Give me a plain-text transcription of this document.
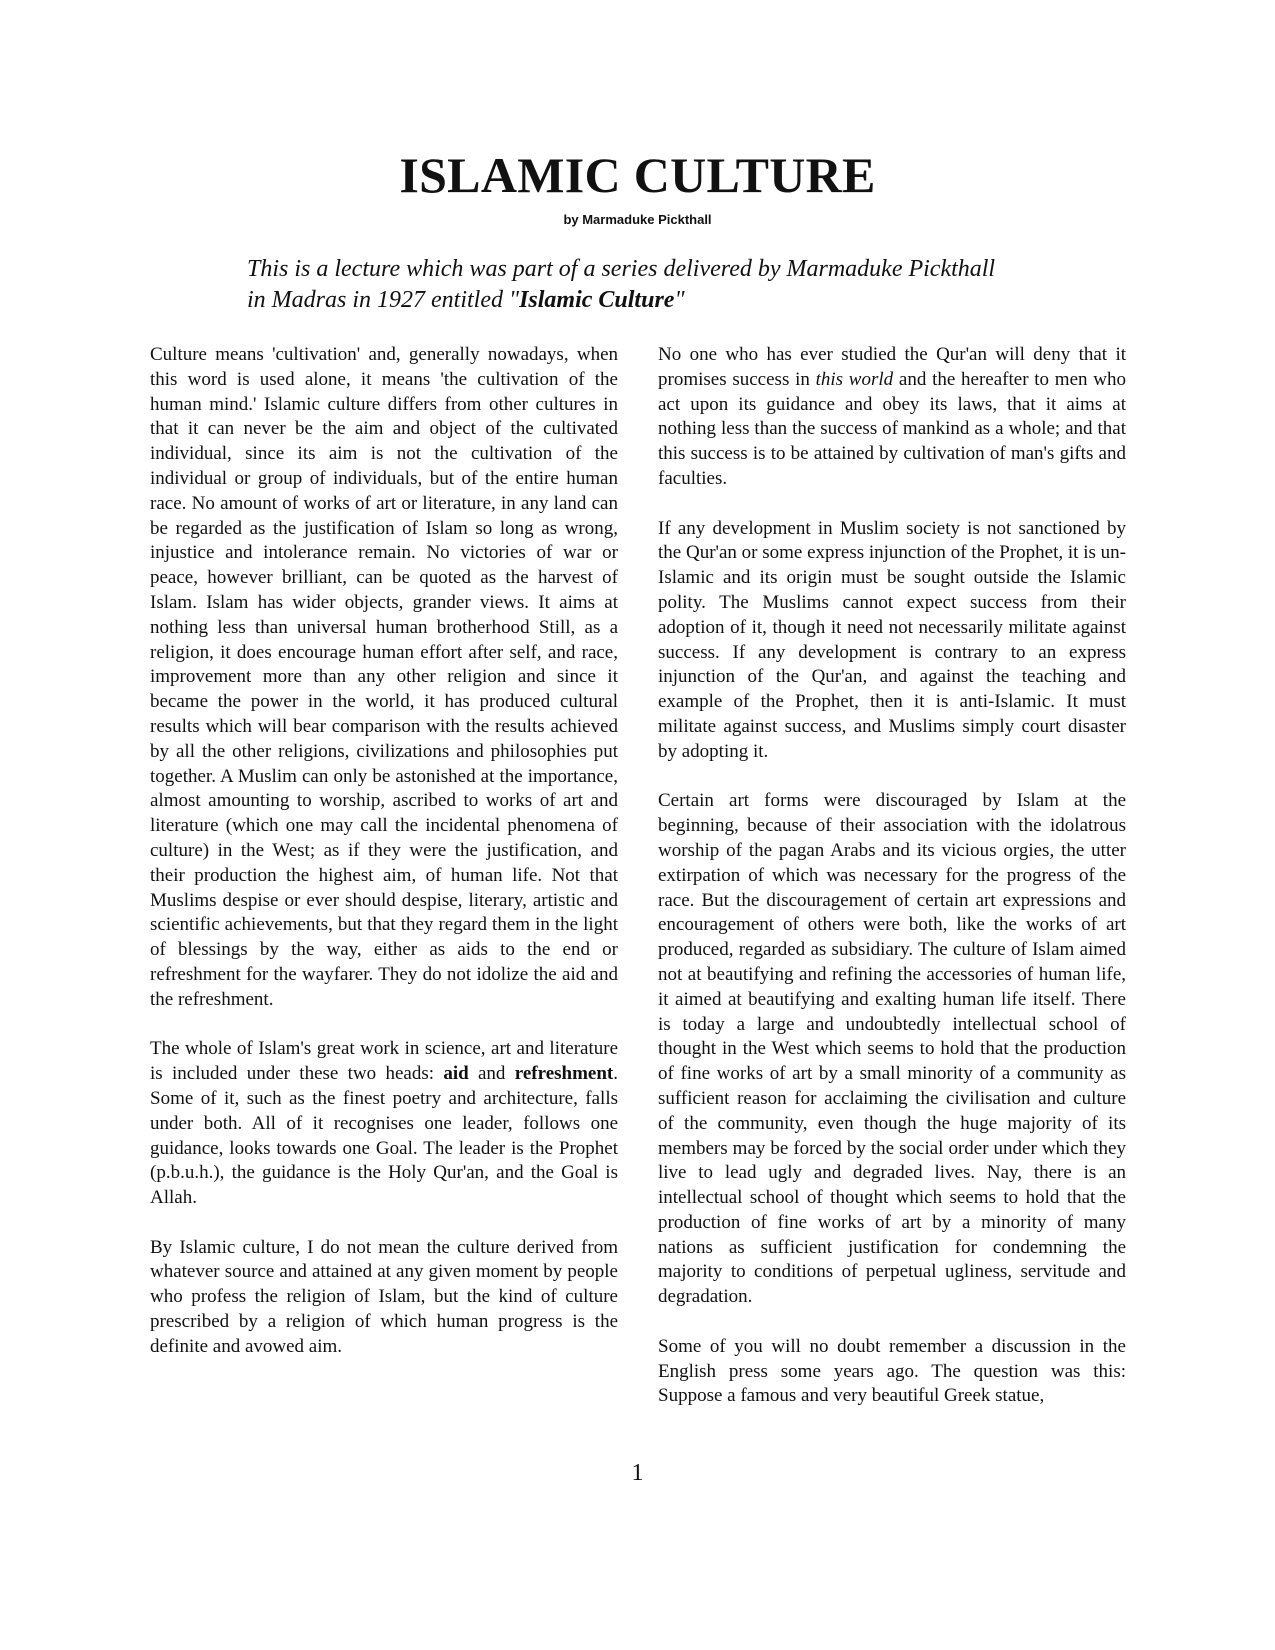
ISLAMIC CULTURE
by Marmaduke Pickthall
This is a lecture which was part of a series delivered by Marmaduke Pickthall in Madras in 1927 entitled "Islamic Culture"

Culture means 'cultivation' and, generally nowadays, when this word is used alone, it means 'the cultivation of the human mind.' Islamic culture differs from other cultures in that it can never be the aim and object of the cultivated individual, since its aim is not the cultivation of the individual or group of individuals, but of the entire human race. No amount of works of art or literature, in any land can be regarded as the justification of Islam so long as wrong, injustice and intolerance remain. No victories of war or peace, however brilliant, can be quoted as the harvest of Islam. Islam has wider objects, grander views. It aims at nothing less than universal human brotherhood Still, as a religion, it does encourage human effort after self, and race, improvement more than any other religion and since it became the power in the world, it has produced cultural results which will bear comparison with the results achieved by all the other religions, civilizations and philosophies put together. A Muslim can only be astonished at the importance, almost amounting to worship, ascribed to works of art and literature (which one may call the incidental phenomena of culture) in the West; as if they were the justification, and their production the highest aim, of human life. Not that Muslims despise or ever should despise, literary, artistic and scientific achievements, but that they regard them in the light of blessings by the way, either as aids to the end or refreshment for the wayfarer. They do not idolize the aid and the refreshment.

The whole of Islam's great work in science, art and literature is included under these two heads: aid and refreshment. Some of it, such as the finest poetry and architecture, falls under both. All of it recognises one leader, follows one guidance, looks towards one Goal. The leader is the Prophet (p.b.u.h.), the guidance is the Holy Qur'an, and the Goal is Allah.

By Islamic culture, I do not mean the culture derived from whatever source and attained at any given moment by people who profess the religion of Islam, but the kind of culture prescribed by a religion of which human progress is the definite and avowed aim.

No one who has ever studied the Qur'an will deny that it promises success in this world and the hereafter to men who act upon its guidance and obey its laws, that it aims at nothing less than the success of mankind as a whole; and that this success is to be attained by cultivation of man's gifts and faculties.

If any development in Muslim society is not sanctioned by the Qur'an or some express injunction of the Prophet, it is un-Islamic and its origin must be sought outside the Islamic polity. The Muslims cannot expect success from their adoption of it, though it need not necessarily militate against success. If any development is contrary to an express injunction of the Qur'an, and against the teaching and example of the Prophet, then it is anti-Islamic. It must militate against success, and Muslims simply court disaster by adopting it.

Certain art forms were discouraged by Islam at the beginning, because of their association with the idolatrous worship of the pagan Arabs and its vicious orgies, the utter extirpation of which was necessary for the progress of the race. But the discouragement of certain art expressions and encouragement of others were both, like the works of art produced, regarded as subsidiary. The culture of Islam aimed not at beautifying and refining the accessories of human life, it aimed at beautifying and exalting human life itself. There is today a large and undoubtedly intellectual school of thought in the West which seems to hold that the production of fine works of art by a small minority of a community as sufficient reason for acclaiming the civilisation and culture of the community, even though the huge majority of its members may be forced by the social order under which they live to lead ugly and degraded lives. Nay, there is an intellectual school of thought which seems to hold that the production of fine works of art by a minority of many nations as sufficient justification for condemning the majority to conditions of perpetual ugliness, servitude and degradation.

Some of you will no doubt remember a discussion in the English press some years ago. The question was this: Suppose a famous and very beautiful Greek statue,

1
